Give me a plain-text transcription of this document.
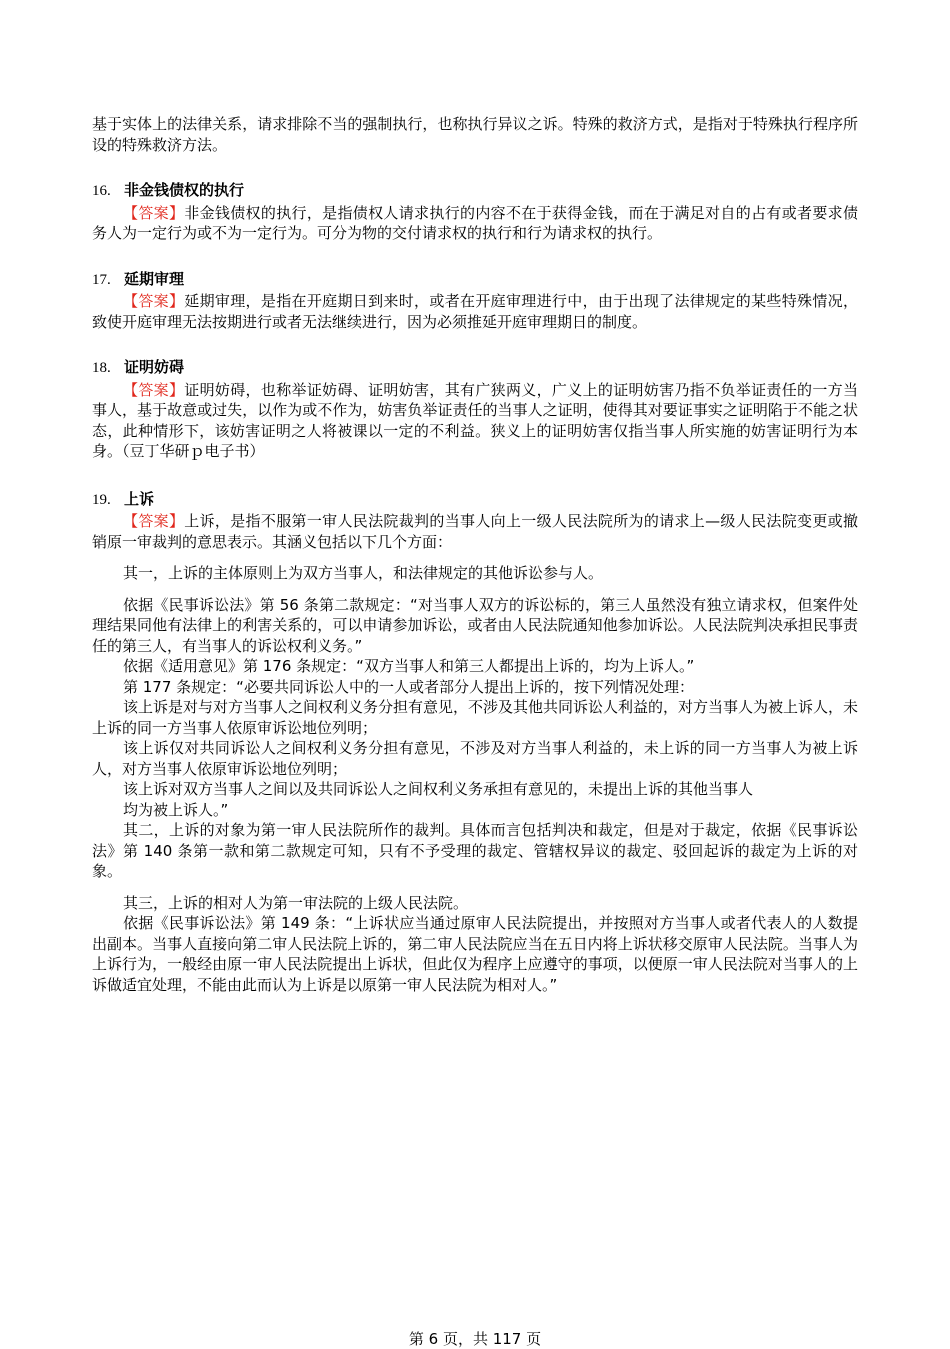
基于实体上的法律关系，请求排除不当的强制执行，也称执行异议之诉。特殊的救济方式，是指对于特殊执行程序所设的特殊救济方法。

16. 非金钱债权的执行

【答案】非金钱债权的执行，是指债权人请求执行的内容不在于获得金钱，而在于满足对自的占有或者要求债务人为一定行为或不为一定行为。可分为物的交付请求权的执行和行为请求权的执行。

17. 延期审理

【答案】延期审理，是指在开庭期日到来时，或者在开庭审理进行中，由于出现了法律规定的某些特殊情况，致使开庭审理无法按期进行或者无法继续进行，因为必须推延开庭审理期日的制度。

18. 证明妨碍

【答案】证明妨碍，也称举证妨碍、证明妨害，其有广狭两义，广义上的证明妨害乃指不负举证责任的一方当事人，基于故意或过失，以作为或不作为，妨害负举证责任的当事人之证明，使得其对要证事实之证明陷于不能之状态，此种情形下，该妨害证明之人将被课以一定的不利益。狭义上的证明妨害仅指当事人所实施的妨害证明行为本身。（豆丁华研ｐ电子书）

19. 上诉

【答案】上诉，是指不服第一审人民法院裁判的当事人向上一级人民法院所为的请求上—级人民法院变更或撤销原一审裁判的意思表示。其涵义包括以下几个方面：

其一，上诉的主体原则上为双方当事人，和法律规定的其他诉讼参与人。

依据《民事诉讼法》第 56 条第二款规定：“对当事人双方的诉讼标的，第三人虽然没有独立请求权，但案件处理结果同他有法律上的利害关系的，可以申请参加诉讼，或者由人民法院通知他参加诉讼。人民法院判决承担民事责任的第三人，有当事人的诉讼权利义务。”

依据《适用意见》第 176 条规定：“双方当事人和第三人都提出上诉的，均为上诉人。”

第 177 条规定：“必要共同诉讼人中的一人或者部分人提出上诉的，按下列情况处理：

该上诉是对与对方当事人之间权利义务分担有意见，不涉及其他共同诉讼人利益的，对方当事人为被上诉人，未上诉的同一方当事人依原审诉讼地位列明；

该上诉仅对共同诉讼人之间权利义务分担有意见，不涉及对方当事人利益的，未上诉的同一方当事人为被上诉人，对方当事人依原审诉讼地位列明；

该上诉对双方当事人之间以及共同诉讼人之间权利义务承担有意见的，未提出上诉的其他当事人

均为被上诉人。”

其二，上诉的对象为第一审人民法院所作的裁判。具体而言包括判决和裁定，但是对于裁定，依据《民事诉讼法》第 140 条第一款和第二款规定可知，只有不予受理的裁定、管辖权异议的裁定、驳回起诉的裁定为上诉的对象。

其三，上诉的相对人为第一审法院的上级人民法院。

依据《民事诉讼法》第 149 条：“上诉状应当通过原审人民法院提出，并按照对方当事人或者代表人的人数提出副本。当事人直接向第二审人民法院上诉的，第二审人民法院应当在五日内将上诉状移交原审人民法院。当事人为上诉行为，一般经由原一审人民法院提出上诉状，但此仅为程序上应遵守的事项，以便原一审人民法院对当事人的上诉做适宜处理，不能由此而认为上诉是以原第一审人民法院为相对人。”

第 6 页，共 117 页
